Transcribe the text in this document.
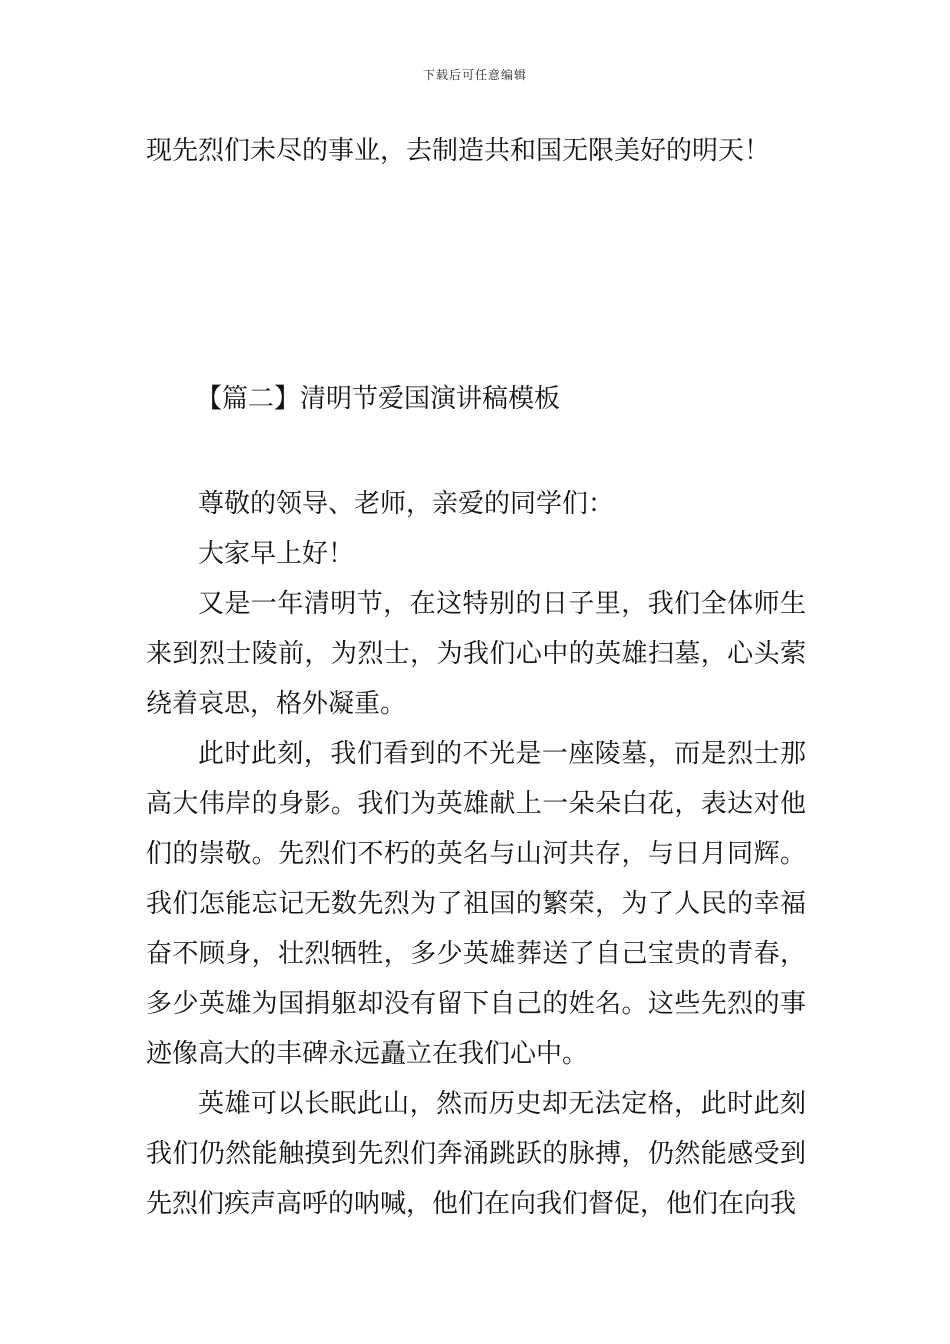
下载后可任意编辑
现先烈们未尽的事业，去制造共和国无限美好的明天！
【篇二】清明节爱国演讲稿模板

尊敬的领导、老师，亲爱的同学们：

大家早上好！

又是一年清明节，在这特别的日子里，我们全体师生来到烈士陵前，为烈士，为我们心中的英雄扫墓，心头萦绕着哀思，格外凝重。

此时此刻，我们看到的不光是一座陵墓，而是烈士那高大伟岸的身影。我们为英雄献上一朵朵白花，表达对他们的崇敬。先烈们不朽的英名与山河共存，与日月同辉。我们怎能忘记无数先烈为了祖国的繁荣，为了人民的幸福奋不顾身，壮烈牺牲，多少英雄葬送了自己宝贵的青春，多少英雄为国捐躯却没有留下自己的姓名。这些先烈的事迹像高大的丰碑永远矗立在我们心中。

英雄可以长眠此山，然而历史却无法定格，此时此刻我们仍然能触摸到先烈们奔涌跳跃的脉搏，仍然能感受到先烈们疾声高呼的呐喊，他们在向我们督促，他们在向我
